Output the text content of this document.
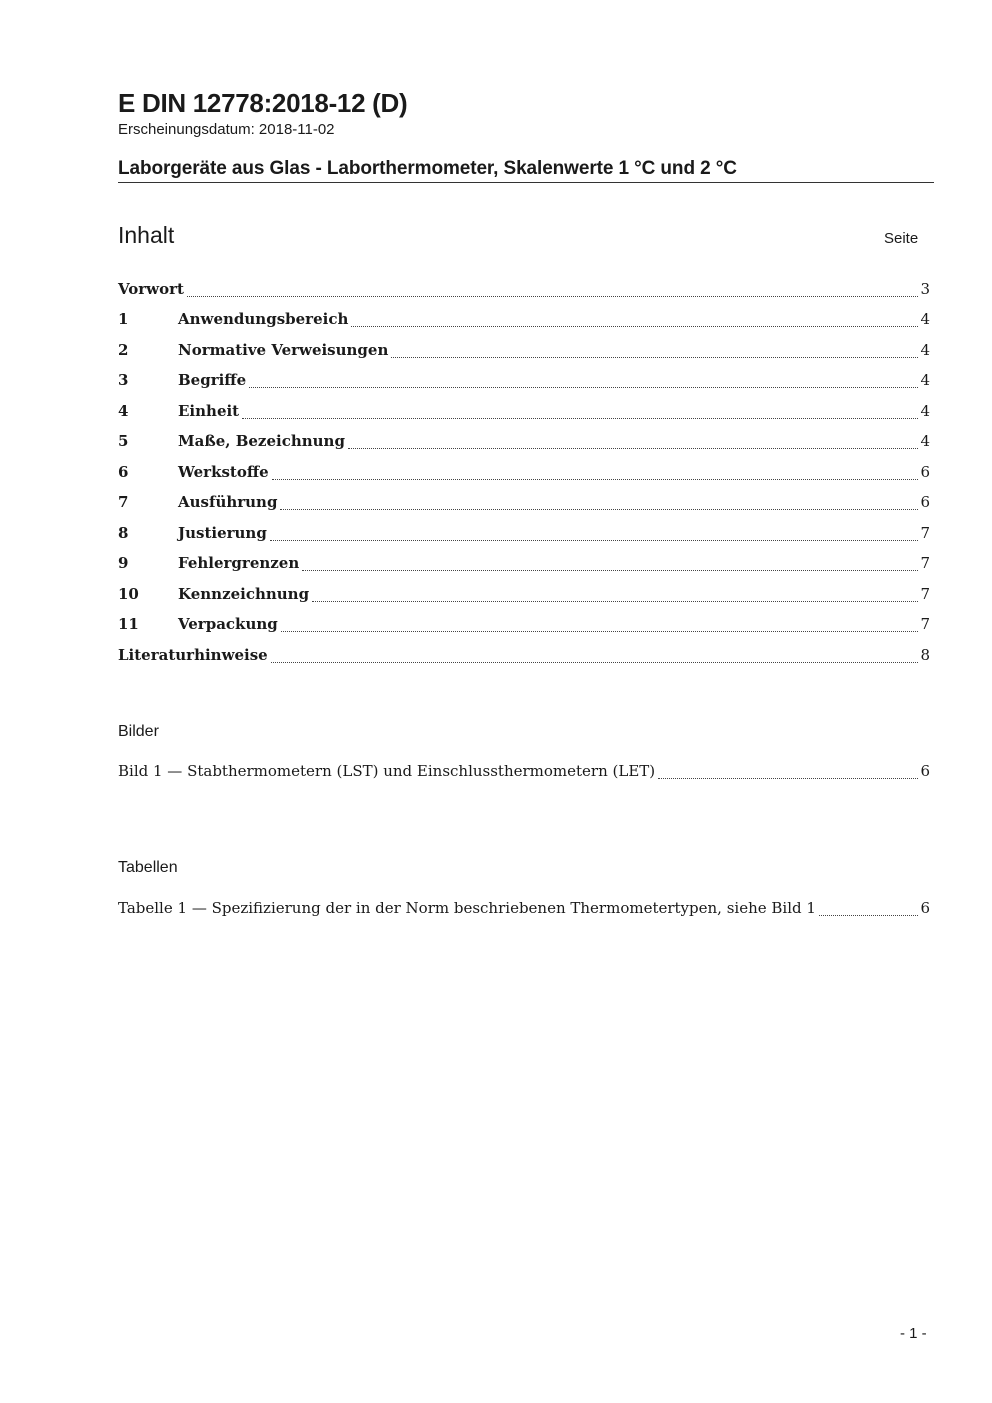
E DIN 12778:2018-12 (D)
Erscheinungsdatum: 2018-11-02
Laborgeräte aus Glas - Laborthermometer, Skalenwerte 1 °C und 2 °C
Inhalt	Seite
Vorwort	3
1	Anwendungsbereich	4
2	Normative Verweisungen	4
3	Begriffe	4
4	Einheit	4
5	Maße, Bezeichnung	4
6	Werkstoffe	6
7	Ausführung	6
8	Justierung	7
9	Fehlergrenzen	7
10	Kennzeichnung	7
11	Verpackung	7
Literaturhinweise	8
Bilder
Bild 1 — Stabthermometern (LST) und Einschlussthermometern (LET)	6
Tabellen
Tabelle 1 — Spezifizierung der in der Norm beschriebenen Thermometertypen, siehe Bild 1	6
- 1 -
